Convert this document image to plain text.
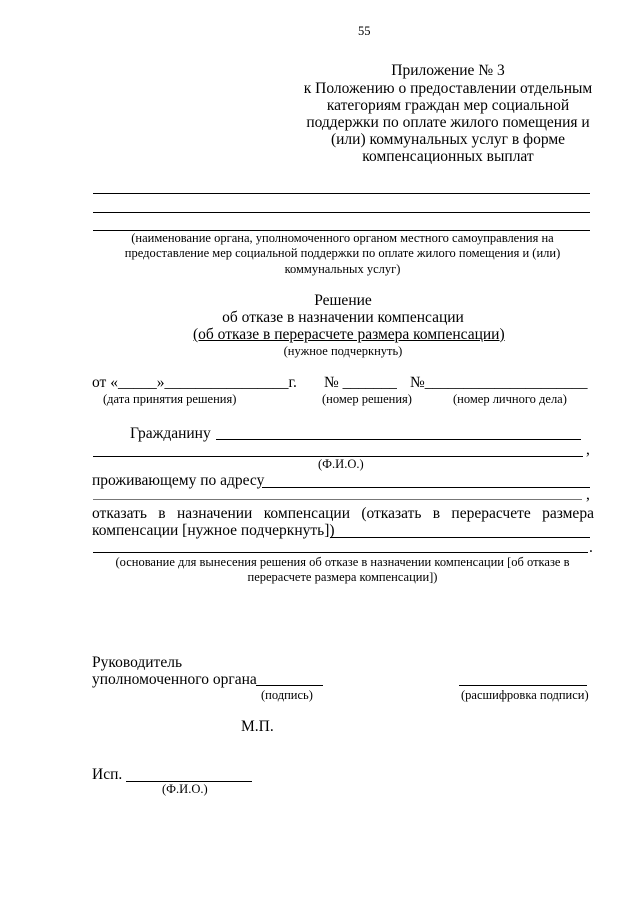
55
Приложение № 3
к Положению о предоставлении отдельным
категориям граждан мер социальной
поддержки по оплате жилого помещения и
(или) коммунальных услуг в форме
компенсационных выплат
(наименование органа, уполномоченного органом местного самоуправления на
предоставление мер социальной поддержки по оплате жилого помещения и (или)
коммунальных услуг)
Решение
об отказе в назначении компенсации
(об отказе в перерасчете размера компенсации)
(нужное подчеркнуть)
от «_____»________________г. № _______ №_____________________
(дата принятия решения)	(номер решения)	(номер личного дела)
Гражданину
,
(Ф.И.О.)
проживающему по адресу
,
отказать в назначении компенсации (отказать в перерасчете размера
компенсации [нужное подчеркнуть])
.
(основание для вынесения решения об отказе в назначении компенсации [об отказе в
перерасчете размера компенсации])
Руководитель
уполномоченного органа
(подпись)	(расшифровка подписи)
М.П.
Исп.
(Ф.И.О.)
